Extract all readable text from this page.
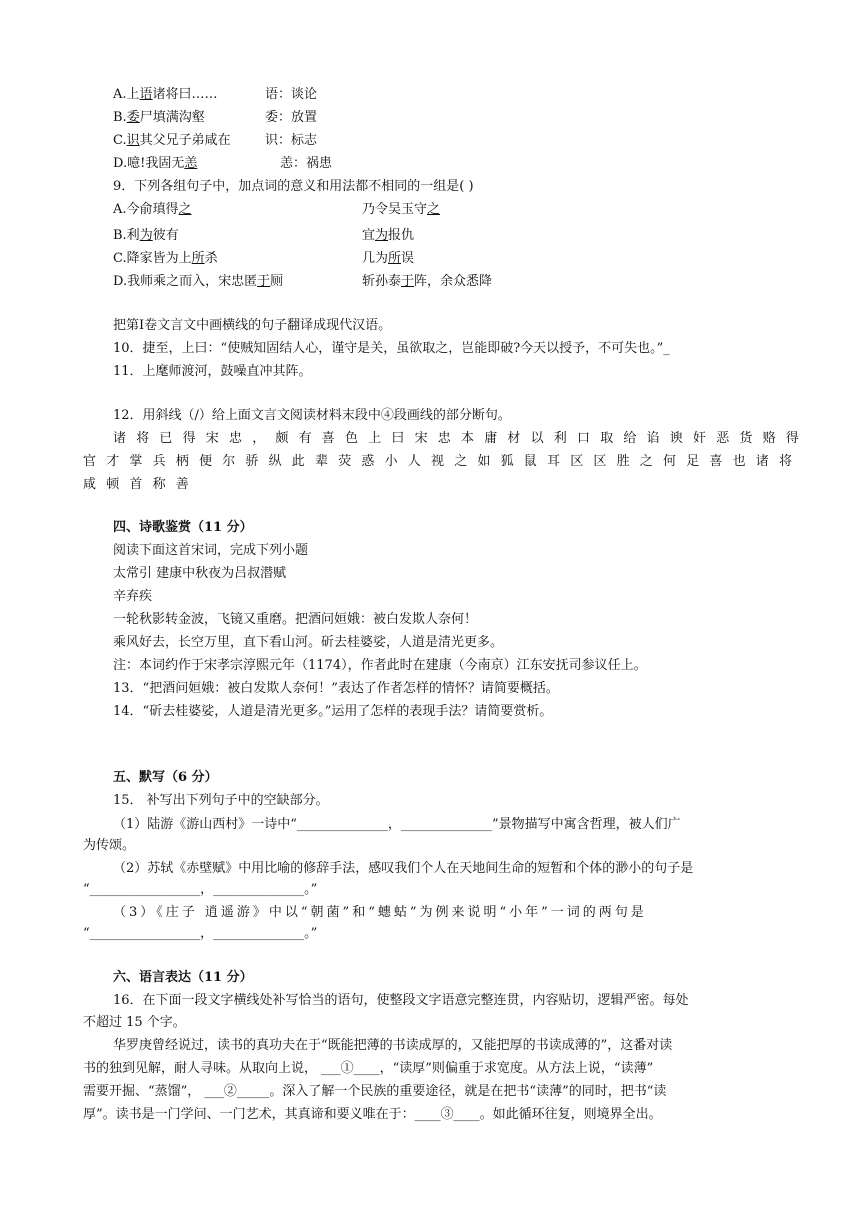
A.上语诸将曰……	语：谈论
B.委尸填满沟壑	委：放置
C.识其父兄子弟咸在	识：标志
D.噫!我固无恙	恙：祸患
9．下列各组句子中，加点词的意义和用法都不相同的一组是( )
A.今俞瑱得之	乃令吴玉守之
B.利为彼有	宜为报仇
C.降家皆为上所杀	几为所误
D.我师乘之而入，宋忠匿于厕	斩孙泰于阵，余众悉降
把第Ⅰ卷文言文中画横线的句子翻译成现代汉语。
10．捷至，上曰：“使贼知固结人心，谨守是关，虽欲取之，岂能即破?今天以授予，不可失也。”_
11．上麾师渡河，鼓噪直冲其阵。
12．用斜线（/）给上面文言文阅读材料末段中④段画线的部分断句。
诸将已得宋忠，颇有喜色上曰宋忠本庸材以利口取给谄谀奸恶货赂得
官才掌兵柄便尔骄纵此辈荧惑小人视之如狐鼠耳区区胜之何足喜也诸将
咸顿首称善
四、诗歌鉴赏（11 分）
阅读下面这首宋词，完成下列小题
太常引 建康中秋夜为吕叔潜赋
辛弃疾
一轮秋影转金波，飞镜又重磨。把酒问姮娥：被白发欺人奈何！
乘风好去，长空万里，直下看山河。斫去桂婆娑，人道是清光更多。
注：本词约作于宋孝宗淳熙元年（1174），作者此时在建康（今南京）江东安抚司参议任上。
13．“把酒问姮娥：被白发欺人奈何！”表达了作者怎样的情怀？请简要概括。
14．“斫去桂婆娑，人道是清光更多。”运用了怎样的表现手法？请简要赏析。
五、默写（6 分）
15． 补写出下列句子中的空缺部分。
（1）陆游《游山西村》一诗中“______________，______________”景物描写中寓含哲理，被人们广
为传颂。
（2）苏轼《赤壁赋》中用比喻的修辞手法，感叹我们个人在天地间生命的短暂和个体的渺小的句子是
“_________________，______________。”
（3）《庄子 逍遥游》中以“朝菌”和“蟪蛄”为例来说明“小年”一词的两句是
“_________________，______________。”
六、语言表达（11 分）
16．在下面一段文字横线处补写恰当的语句，使整段文字语意完整连贯，内容贴切，逻辑严密。每处
不超过 15 个字。
华罗庚曾经说过，读书的真功夫在于“既能把薄的书读成厚的，又能把厚的书读成薄的”，这番对读
书的独到见解，耐人寻味。从取向上说， ___①____，“读厚”则偏重于求宽度。从方法上说，“读薄”
需要开掘、“蒸馏”， ___②_____。深入了解一个民族的重要途径，就是在把书“读薄”的同时，把书“读
厚”。读书是一门学问、一门艺术，其真谛和要义唯在于：____③____。如此循环往复，则境界全出。
